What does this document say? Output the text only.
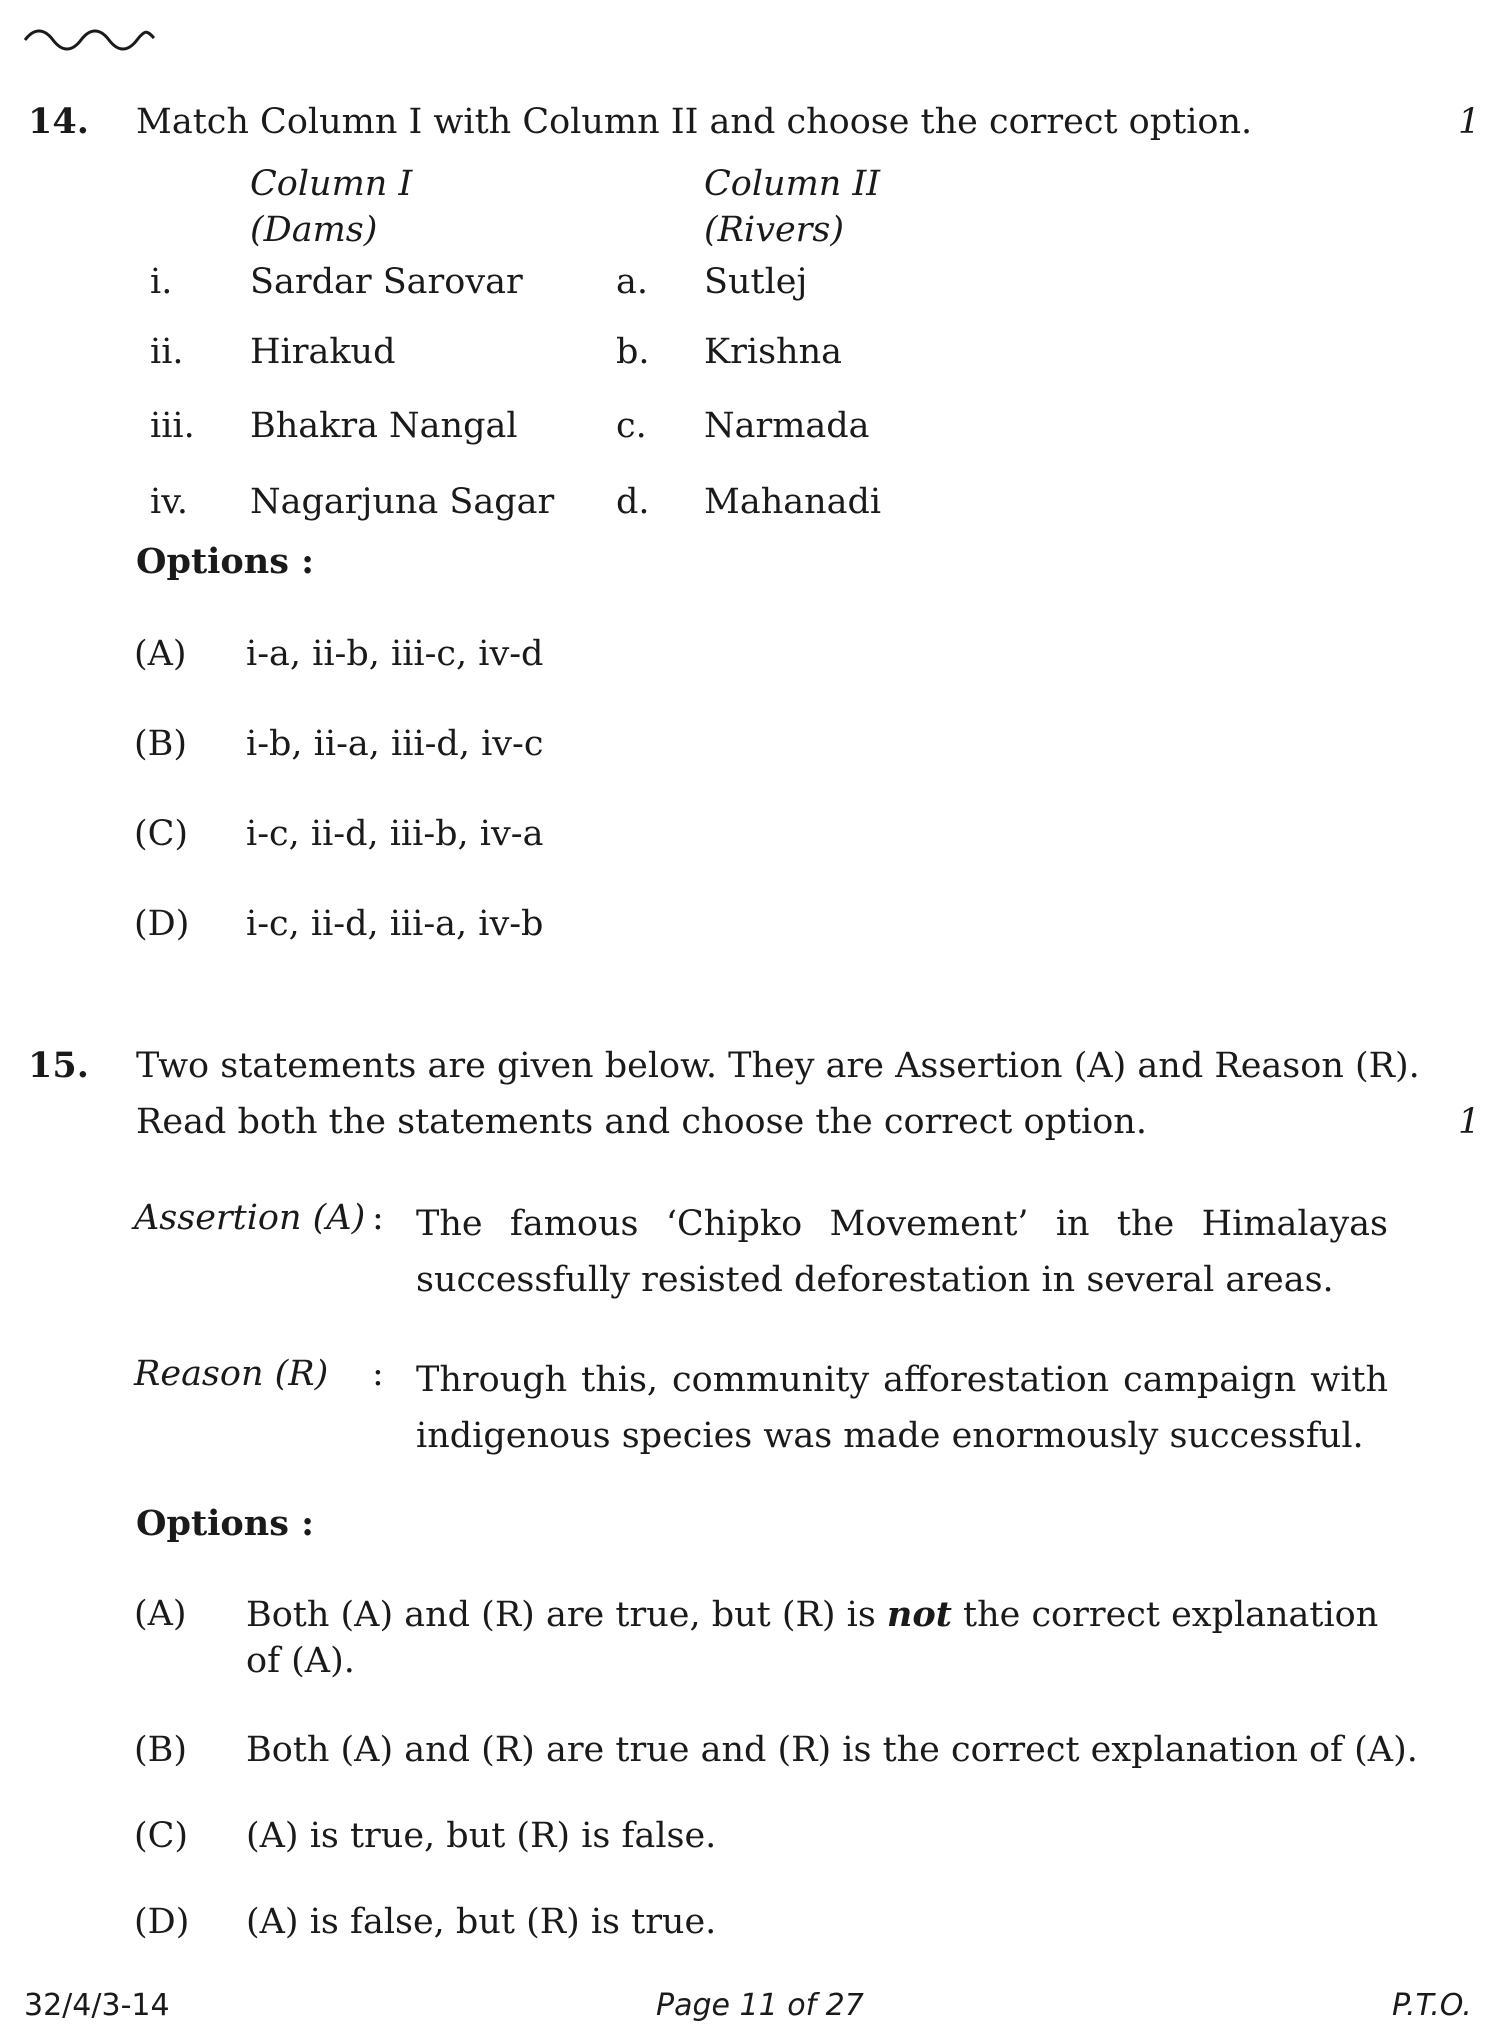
14. Match Column I with Column II and choose the correct option.	1
Column I
(Dams)
Column II
(Rivers)
i. Sardar Sarovar	a. Sutlej
ii. Hirakud	b. Krishna
iii. Bhakra Nangal	c. Narmada
iv. Nagarjuna Sagar d. Mahanadi
Options :
(A) i-a, ii-b, iii-c, iv-d
(B) i-b, ii-a, iii-d, iv-c
(C) i-c, ii-d, iii-b, iv-a
(D) i-c, ii-d, iii-a, iv-b
15. Two statements are given below. They are Assertion (A) and Reason (R).
Read both the statements and choose the correct option.	1
Assertion (A) : The famous ‘Chipko Movement’ in the Himalayas successfully resisted deforestation in several areas.
Reason (R) : Through this, community afforestation campaign with indigenous species was made enormously successful.
Options :
(A) Both (A) and (R) are true, but (R) is not the correct explanation of (A).
(B) Both (A) and (R) are true and (R) is the correct explanation of (A).
(C) (A) is true, but (R) is false.
(D) (A) is false, but (R) is true.
32/4/3-14	Page 11 of 27	P.T.O.
